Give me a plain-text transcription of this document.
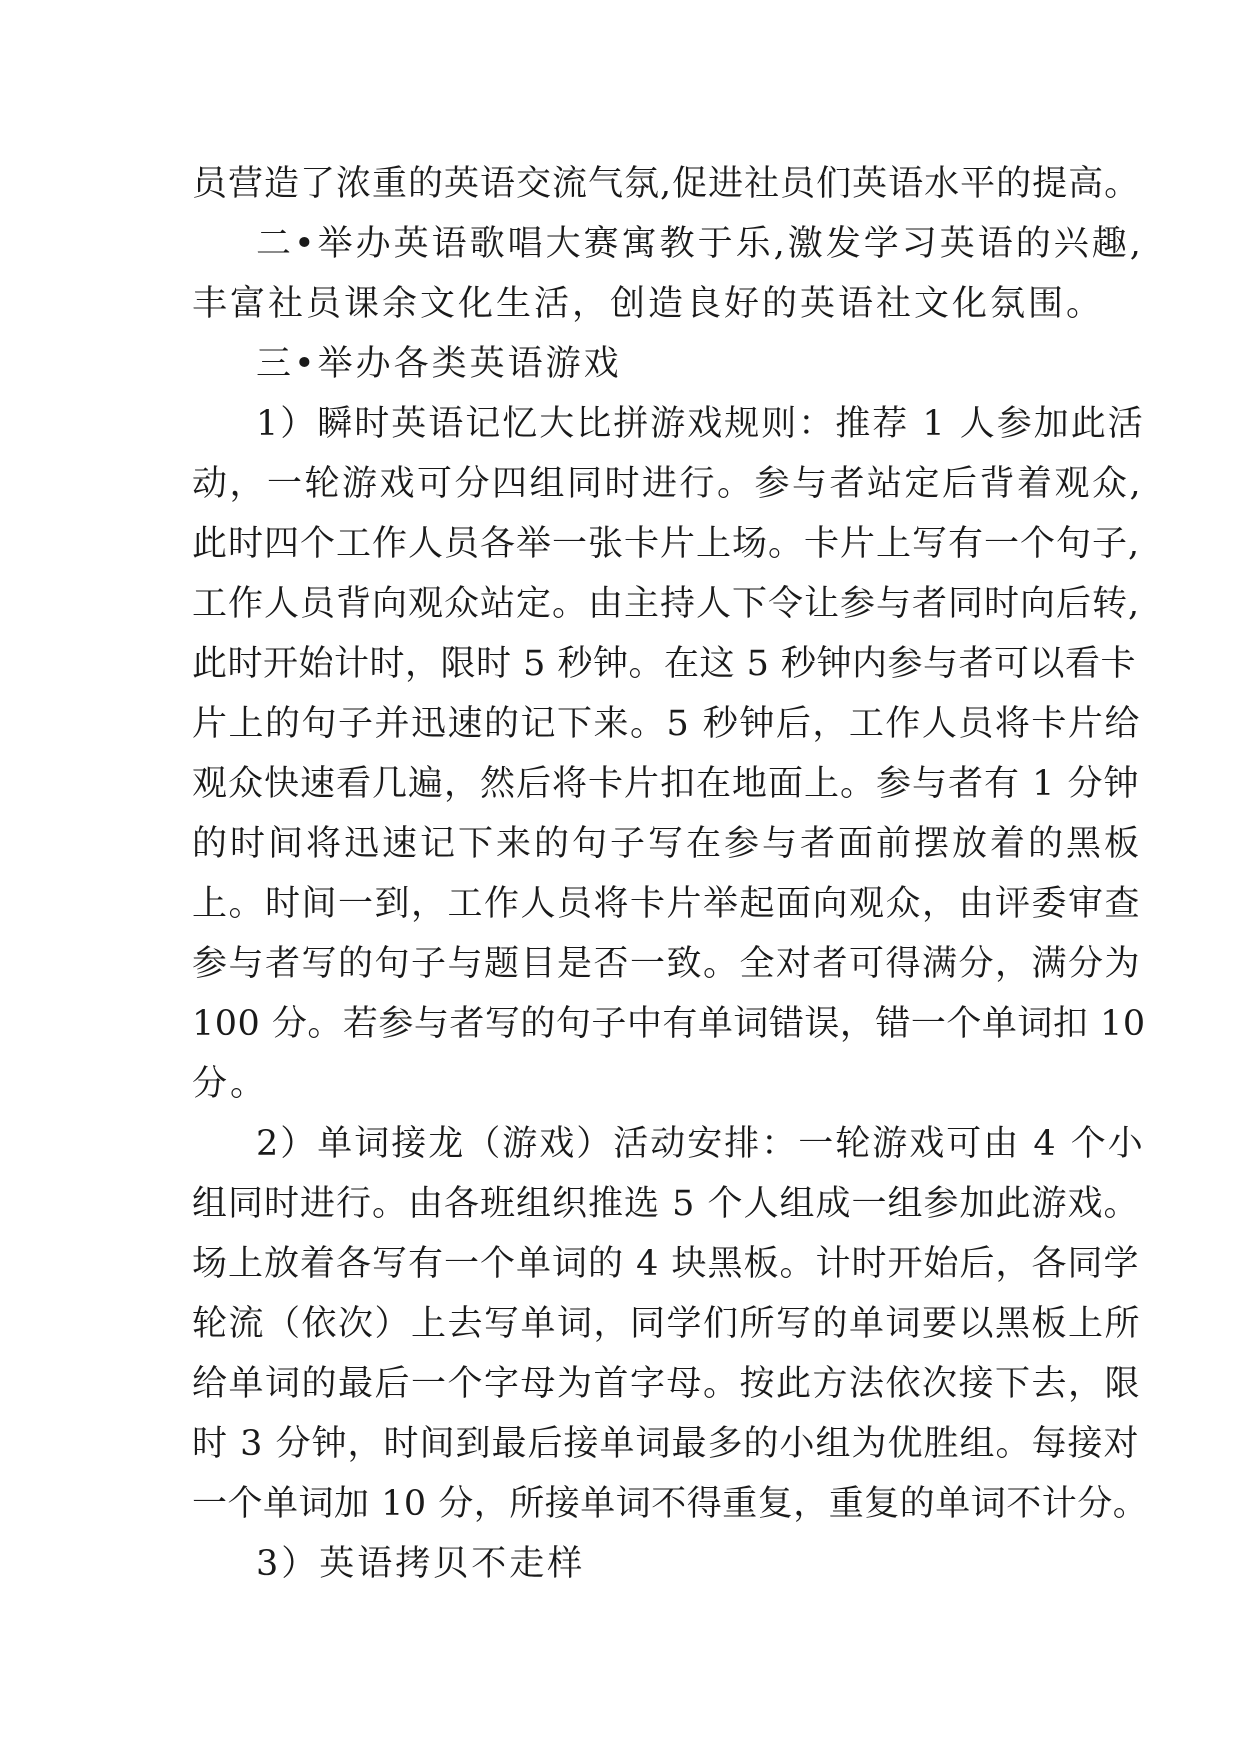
员营造了浓重的英语交流气氛,促进社员们英语水平的提高。
二•举办英语歌唱大赛寓教于乐,激发学习英语的兴趣,
丰富社员课余文化生活，创造良好的英语社文化氛围。
三•举办各类英语游戏
1）瞬时英语记忆大比拼游戏规则：推荐 1 人参加此活
动，一轮游戏可分四组同时进行。参与者站定后背着观众,
此时四个工作人员各举一张卡片上场。卡片上写有一个句子,
工作人员背向观众站定。由主持人下令让参与者同时向后转,
此时开始计时，限时 5 秒钟。在这 5 秒钟内参与者可以看卡
片上的句子并迅速的记下来。5 秒钟后，工作人员将卡片给
观众快速看几遍，然后将卡片扣在地面上。参与者有 1 分钟
的时间将迅速记下来的句子写在参与者面前摆放着的黑板
上。时间一到，工作人员将卡片举起面向观众，由评委审查
参与者写的句子与题目是否一致。全对者可得满分，满分为
100 分。若参与者写的句子中有单词错误，错一个单词扣 10
分。
2）单词接龙（游戏）活动安排：一轮游戏可由 4 个小
组同时进行。由各班组织推选 5 个人组成一组参加此游戏。
场上放着各写有一个单词的 4 块黑板。计时开始后，各同学
轮流（依次）上去写单词，同学们所写的单词要以黑板上所
给单词的最后一个字母为首字母。按此方法依次接下去，限
时 3 分钟，时间到最后接单词最多的小组为优胜组。每接对
一个单词加 10 分，所接单词不得重复，重复的单词不计分。
3）英语拷贝不走样
